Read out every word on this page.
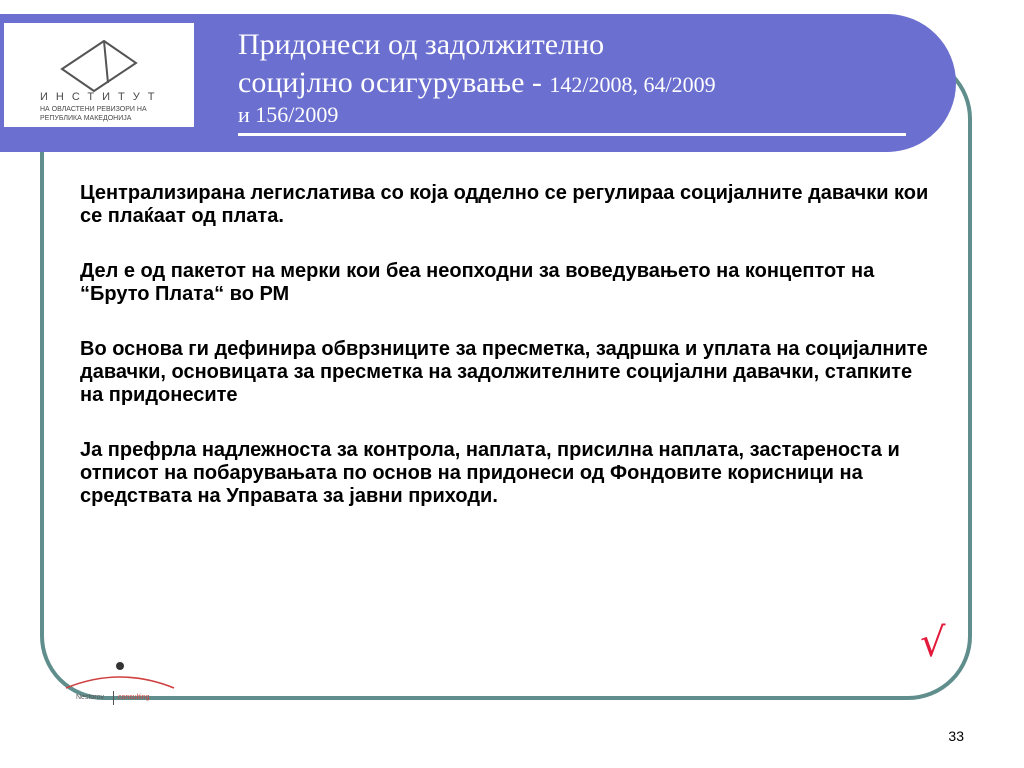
ИНСТИТУТ
НА ОВЛАСТЕНИ РЕВИЗОРИ НА
РЕПУБЛИКА МАКЕДОНИЈА
Придонеси од задолжително
социјлно осигурување - 142/2008, 64/2009
и 156/2009

Централизирана легислатива со која одделно се регулираа социјалните давачки кои се плаќаат од плата.

Дел е од пакетот на мерки кои беа неопходни за воведувањето на концептот на “Бруто Плата“ во РМ

Во основа ги дефинира обврзниците за пресметка, задршка и уплата на социјалните давачки, основицата за пресметка на задолжителните социјални давачки, стапките на придонесите

Ја префрла надлежноста за контрола, наплата, присилна наплата, застареноста и отписот на побарувањата по основ на придонеси од Фондовите корисници на средствата на Управата за јавни приходи.

√
Nestorov consulting
33
